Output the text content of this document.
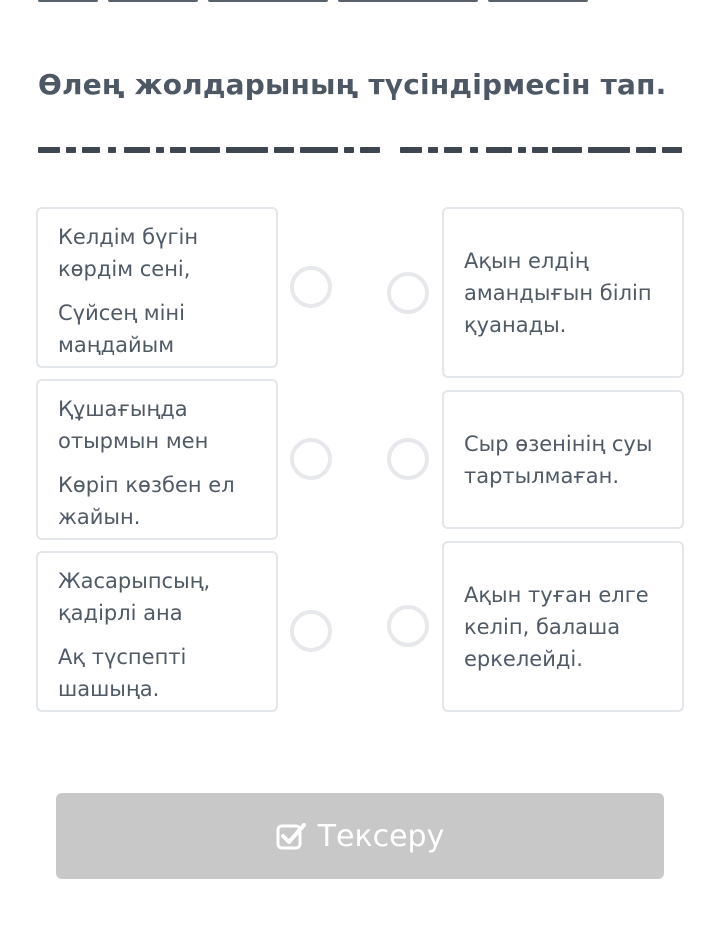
Өлең жолдарының түсіндірмесін тап.

Келдім бүгін көрдім сені,

Сүйсең міні маңдайым

Құшағыңда отырмын мен

Көріп көзбен ел жайын.

Жасарыпсың, қадірлі ана

Ақ түспепті шашыңа.

Ақын елдің амандығын біліп қуанады.

Сыр өзенінің суы тартылмаған.

Ақын туған елге келіп, балаша еркелейді.

Тексеру
